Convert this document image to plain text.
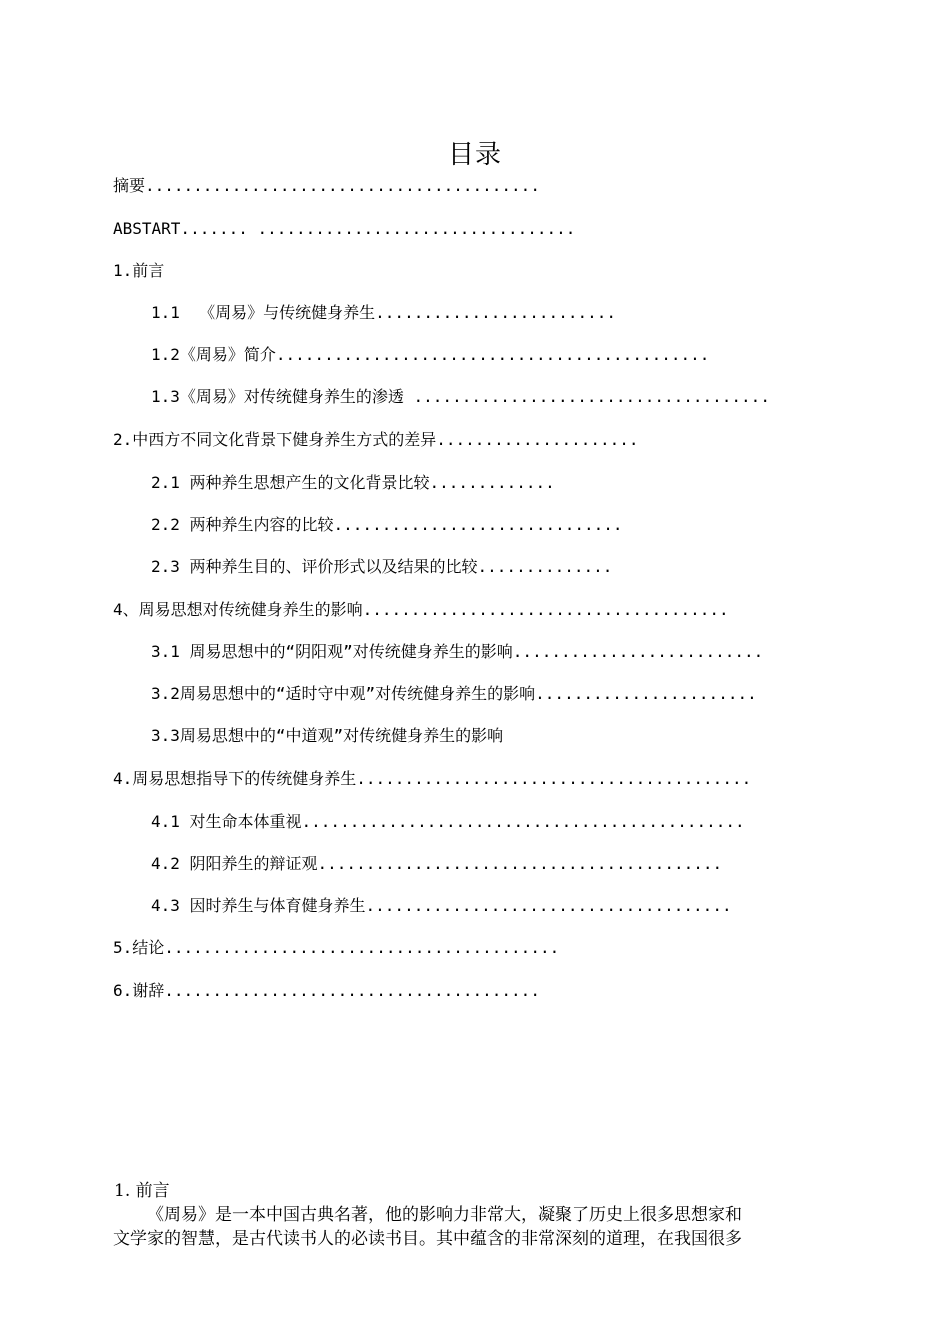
目录
摘要.........................................
ABSTART....... .................................
1.前言
1.1  《周易》与传统健身养生.........................
1.2《周易》简介.............................................
1.3《周易》对传统健身养生的渗透 .....................................
2.中西方不同文化背景下健身养生方式的差异.....................
2.1 两种养生思想产生的文化背景比较.............
2.2 两种养生内容的比较..............................
2.3 两种养生目的、评价形式以及结果的比较..............
4、周易思想对传统健身养生的影响......................................
3.1 周易思想中的“阴阳观”对传统健身养生的影响..........................
3.2周易思想中的“适时守中观”对传统健身养生的影响.......................
3.3周易思想中的“中道观”对传统健身养生的影响
4.周易思想指导下的传统健身养生.........................................
4.1 对生命本体重视..............................................
4.2 阴阳养生的辩证观..........................................
4.3 因时养生与体育健身养生......................................
5.结论.........................................
6.谢辞.......................................
1. 前言
《周易》是一本中国古典名著，他的影响力非常大，凝聚了历史上很多思想家和
文学家的智慧，是古代读书人的必读书目。其中蕴含的非常深刻的道理，在我国很多
